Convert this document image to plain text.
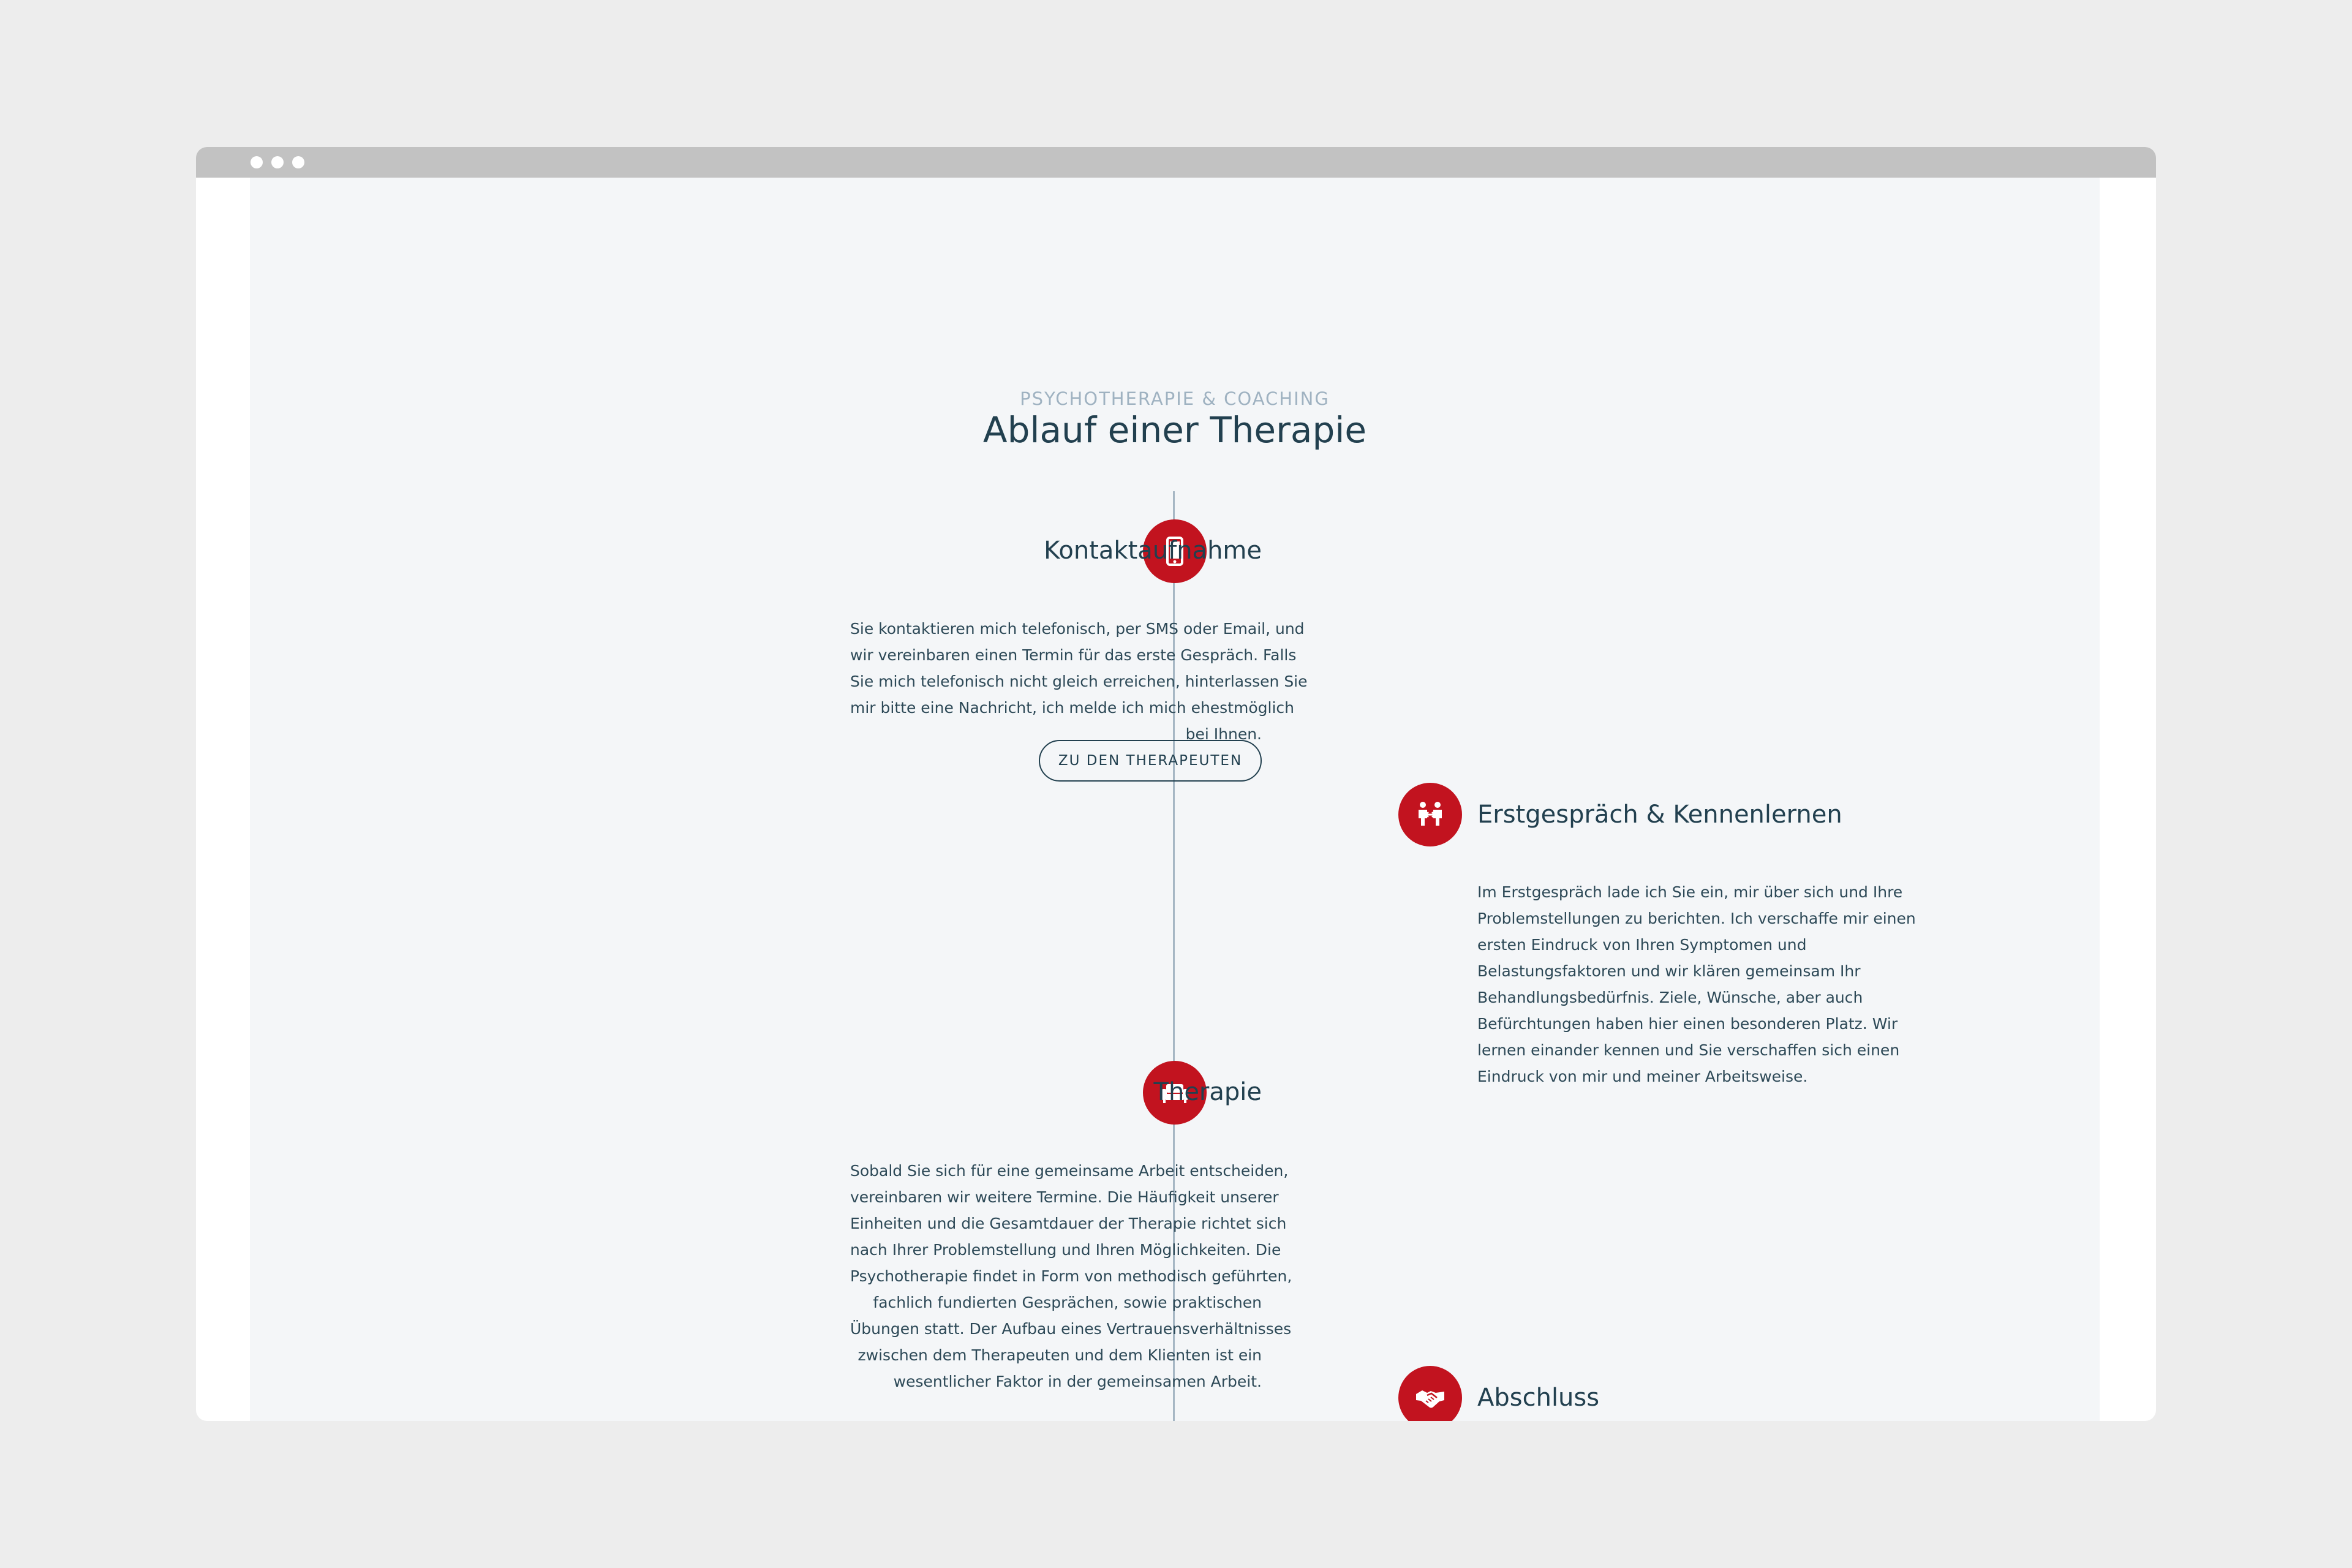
PSYCHOTHERAPIE & COACHING
Ablauf einer Therapie
Kontaktaufnahme
Sie kontaktieren mich telefonisch, per SMS oder Email, und
wir vereinbaren einen Termin für das erste Gespräch. Falls
Sie mich telefonisch nicht gleich erreichen, hinterlassen Sie
mir bitte eine Nachricht, ich melde ich mich ehestmöglich
bei Ihnen.
ZU DEN THERAPEUTEN
Erstgespräch & Kennenlernen
Im Erstgespräch lade ich Sie ein, mir über sich und Ihre
Problemstellungen zu berichten. Ich verschaffe mir einen
ersten Eindruck von Ihren Symptomen und
Belastungsfaktoren und wir klären gemeinsam Ihr
Behandlungsbedürfnis. Ziele, Wünsche, aber auch
Befürchtungen haben hier einen besonderen Platz. Wir
lernen einander kennen und Sie verschaffen sich einen
Eindruck von mir und meiner Arbeitsweise.
Therapie
Sobald Sie sich für eine gemeinsame Arbeit entscheiden,
vereinbaren wir weitere Termine. Die Häufigkeit unserer
Einheiten und die Gesamtdauer der Therapie richtet sich
nach Ihrer Problemstellung und Ihren Möglichkeiten. Die
Psychotherapie findet in Form von methodisch geführten,
fachlich fundierten Gesprächen, sowie praktischen
Übungen statt. Der Aufbau eines Vertrauensverhältnisses
zwischen dem Therapeuten und dem Klienten ist ein
wesentlicher Faktor in der gemeinsamen Arbeit.
Abschluss
